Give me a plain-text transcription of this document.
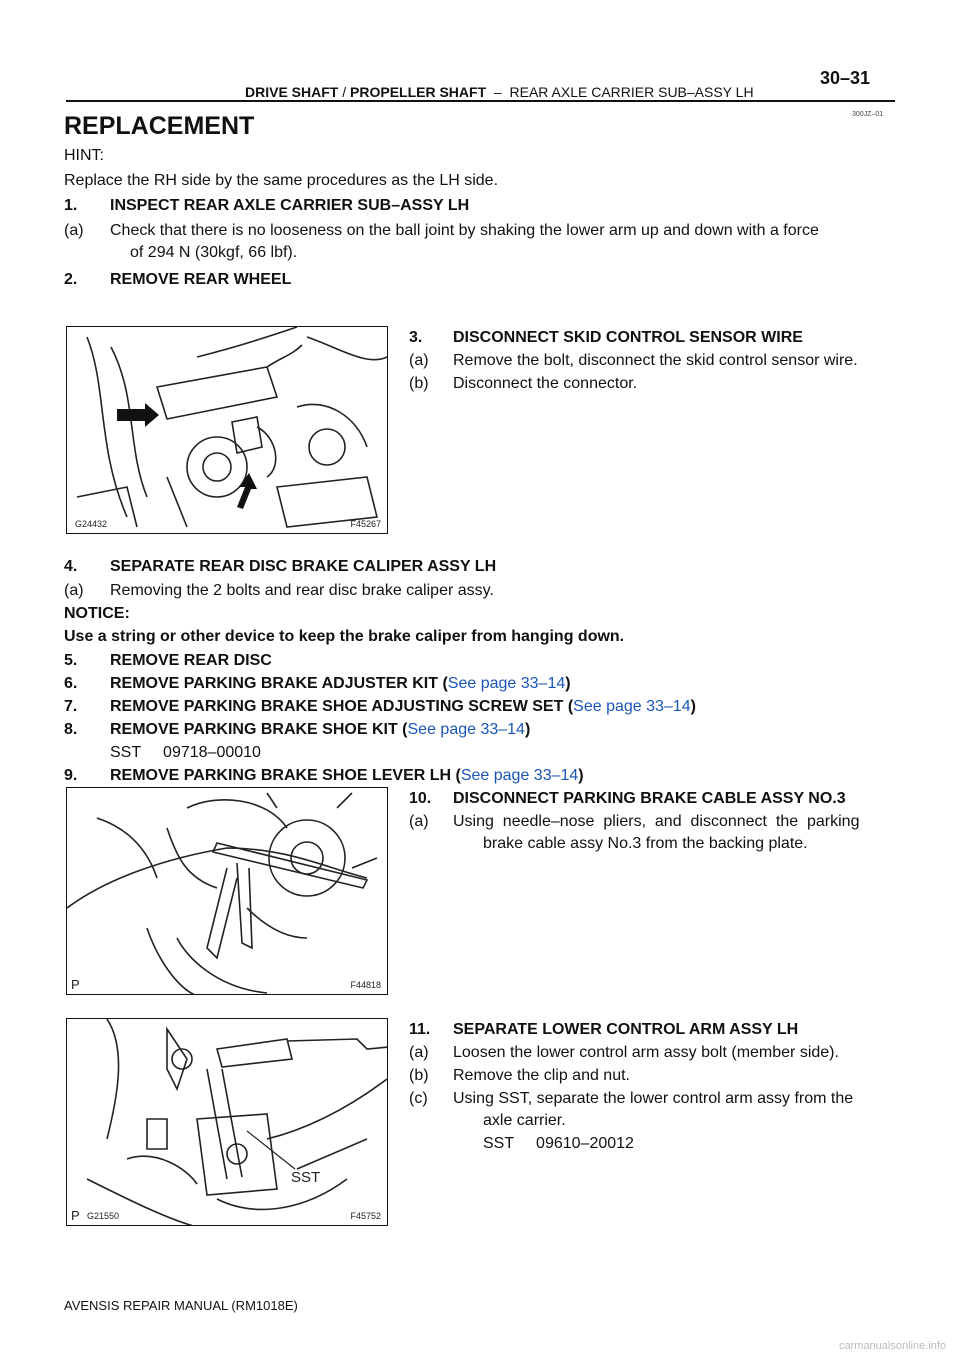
DRIVE SHAFT / PROPELLER SHAFT – REAR AXLE CARRIER SUB–ASSY LH
30–31
300JZ–01
REPLACEMENT
HINT:
Replace the RH side by the same procedures as the LH side.
1. INSPECT REAR AXLE CARRIER SUB–ASSY LH
(a) Check that there is no looseness on the ball joint by shaking the lower arm up and down with a force
of 294 N (30kgf, 66 lbf).
2. REMOVE REAR WHEEL
G24432	F45267
3. DISCONNECT SKID CONTROL SENSOR WIRE
(a) Remove the bolt, disconnect the skid control sensor wire.
(b) Disconnect the connector.
4. SEPARATE REAR DISC BRAKE CALIPER ASSY LH
(a) Removing the 2 bolts and rear disc brake caliper assy.
NOTICE:
Use a string or other device to keep the brake caliper from hanging down.
5. REMOVE REAR DISC
6. REMOVE PARKING BRAKE ADJUSTER KIT (See page 33–14)
7. REMOVE PARKING BRAKE SHOE ADJUSTING SCREW SET (See page 33–14)
8. REMOVE PARKING BRAKE SHOE KIT (See page 33–14)
SST     09718–00010
9. REMOVE PARKING BRAKE SHOE LEVER LH (See page 33–14)
P	F44818
10. DISCONNECT PARKING BRAKE CABLE ASSY NO.3
(a) Using  needle–nose  pliers,  and  disconnect  the  parking
brake cable assy No.3 from the backing plate.
SST
P G21550	F45752
11. SEPARATE LOWER CONTROL ARM ASSY LH
(a) Loosen the lower control arm assy bolt (member side).
(b) Remove the clip and nut.
(c) Using SST, separate the lower control arm assy from the
axle carrier.
SST     09610–20012
AVENSIS REPAIR MANUAL (RM1018E)
carmanualsonline.info
